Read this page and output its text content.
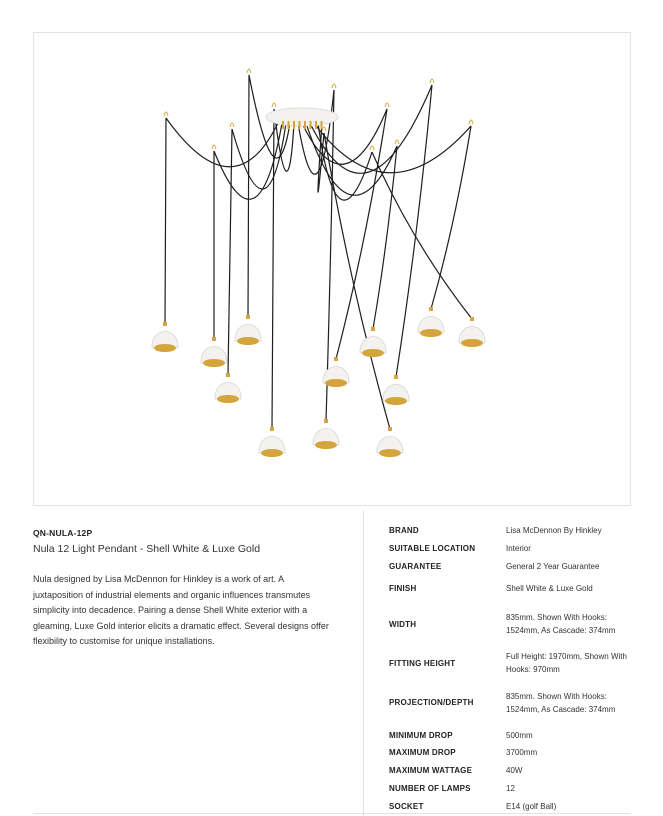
QN-NULA-12P

Nula 12 Light Pendant - Shell White & Luxe Gold

Nula designed by Lisa McDennon for Hinkley is a work of art. A juxtaposition of industrial elements and organic influences transmutes simplicity into decadence. Pairing a dense Shell White exterior with a gleaming, Luxe Gold interior elicits a dramatic effect. Several designs offer flexibility to customise for unique installations.

BRAND	Lisa McDennon By Hinkley
SUITABLE LOCATION	Interior
GUARANTEE	General 2 Year Guarantee
FINISH	Shell White & Luxe Gold
WIDTH	835mm. Shown With Hooks: 1524mm, As Cascade: 374mm
FITTING HEIGHT	Full Height: 1970mm, Shown With Hooks: 970mm
PROJECTION/DEPTH	835mm. Shown With Hooks: 1524mm, As Cascade: 374mm
MINIMUM DROP	500mm
MAXIMUM DROP	3700mm
MAXIMUM WATTAGE	40W
NUMBER OF LAMPS	12
SOCKET	E14 (golf Ball)
